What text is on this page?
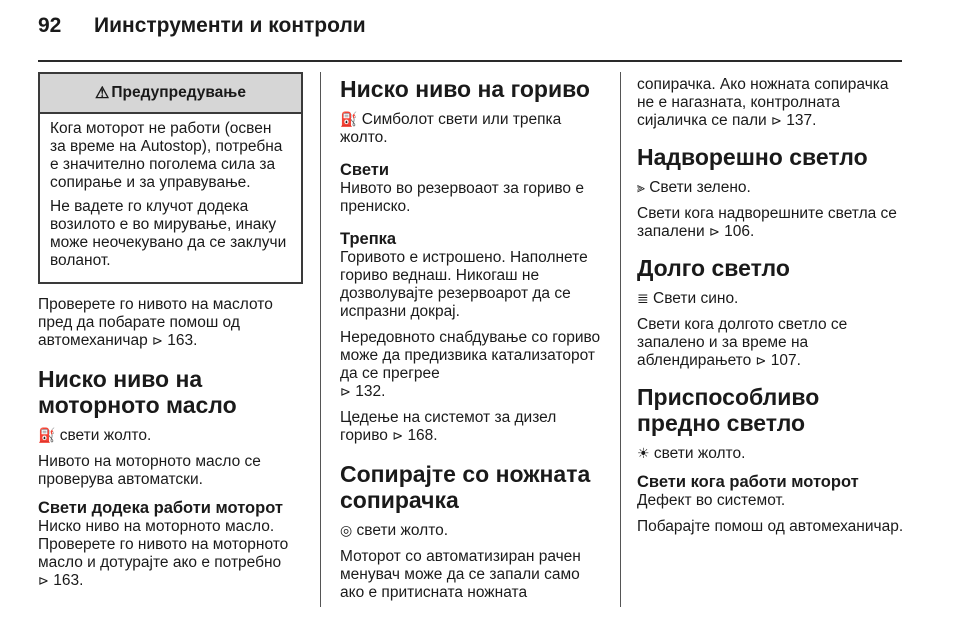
92 Иинструменти и контроли
⚠ Предупредување

Кога моторот не работи (освен за време на Autostop), потребна е значително поголема сила за сопирање и за управување.

Не вадете го клучот додека возилото е во мирување, инаку може неочекувано да се заклучи воланот.

Проверете го нивото на маслото пред да побарате помош од автомеханичар ⊳ 163.

Ниско ниво на моторното масло

⛽ свети жолто.

Нивото на моторното масло се проверува автоматски.

Свети додека работи моторот

Ниско ниво на моторното масло. Проверете го нивото на моторното масло и дотурајте ако е потребно
⊳ 163.

Ниско ниво на гориво

⛽ Симболот свети или трепка жолто.

Свети

Нивото во резервоаот за гориво е прениско.

Трепка

Горивото е истрошено. Наполнете гориво веднаш. Никогаш не дозволувајте резервоарот да се испразни докрај.

Нередовното снабдување со гориво може да предизвика катализаторот да се прегрее
⊳ 132.

Цедење на системот за дизел гориво ⊳ 168.

Сопирајте со ножната сопирачка

◎ свети жолто.

Моторот со автоматизиран рачен менувач може да се запали само ако е притисната ножната

сопирачка. Ако ножната сопирачка не е нагазната, контролната сијаличка се пали ⊳ 137.

Надворешно светло

⫸ Свети зелено.

Свети кога надворешните светла се запалени ⊳ 106.

Долго светло

≣ Свети сино.

Свети кога долгото светло се запалено и за време на аблендирањето ⊳ 107.

Приспособливо предно светло

☀ свети жолто.

Свети кога работи моторот

Дефект во системот.

Побарајте помош од автомеханичар.
